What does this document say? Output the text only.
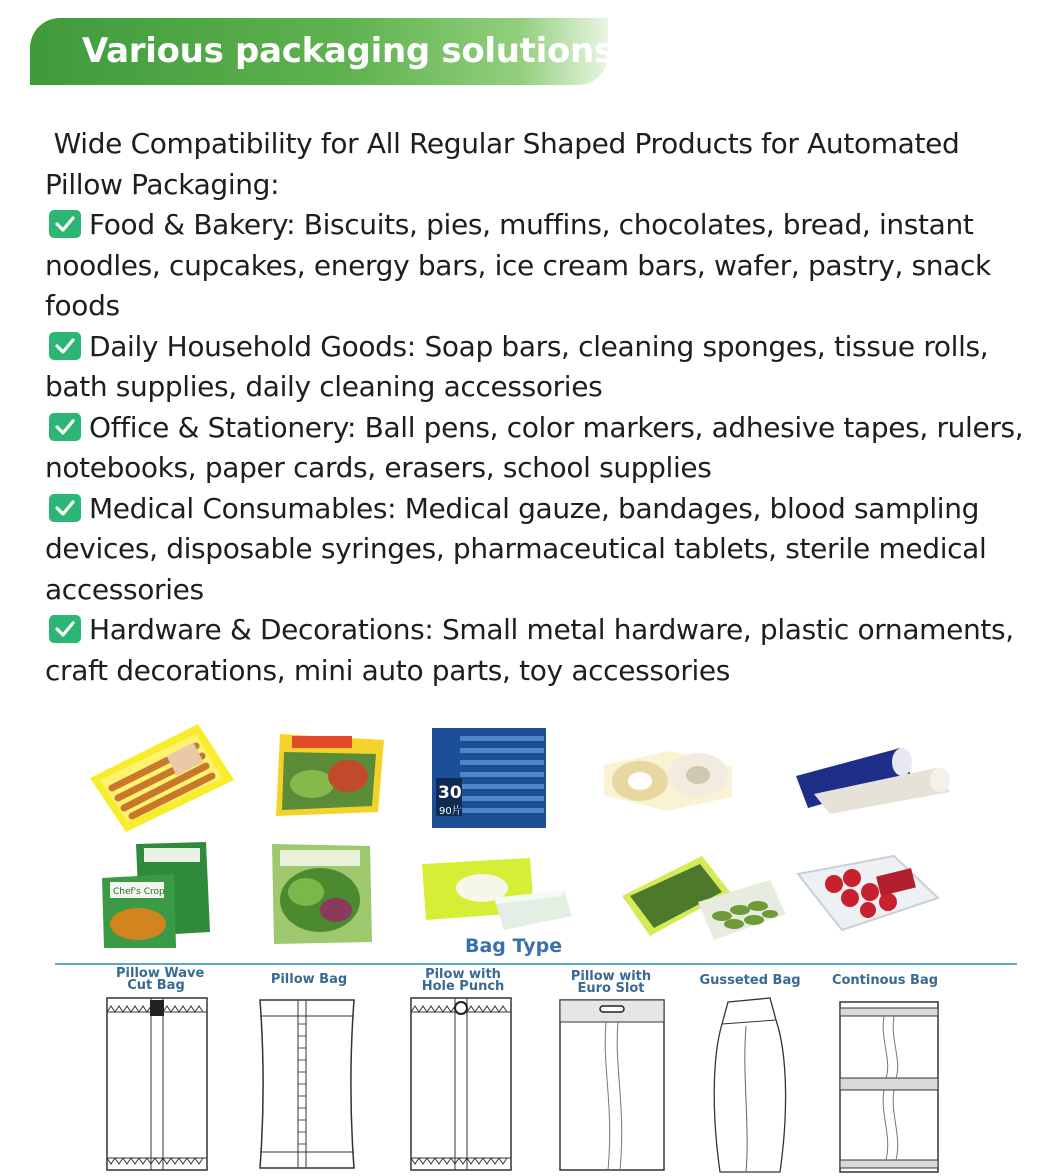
Various packaging solutions

Wide Compatibility for All Regular Shaped Products for Automated Pillow Packaging:

Food & Bakery: Biscuits, pies, muffins, chocolates, bread, instant noodles, cupcakes, energy bars, ice cream bars, wafer, pastry, snack foods

Daily Household Goods: Soap bars, cleaning sponges, tissue rolls, bath supplies, daily cleaning accessories

Office & Stationery: Ball pens, color markers, adhesive tapes, rulers, notebooks, paper cards, erasers, school supplies

Medical Consumables: Medical gauze, bandages, blood sampling devices, disposable syringes, pharmaceutical tablets, sterile medical accessories

Hardware & Decorations: Small metal hardware, plastic ornaments, craft decorations, mini auto parts, toy accessories

30
90片
Chef's Crop
Bag Type
Pillow Wave
Cut Bag	Pillow Bag	Pilow with
Hole Punch
Pillow with
Euro Slot
Gusseted Bag	Continous Bag
